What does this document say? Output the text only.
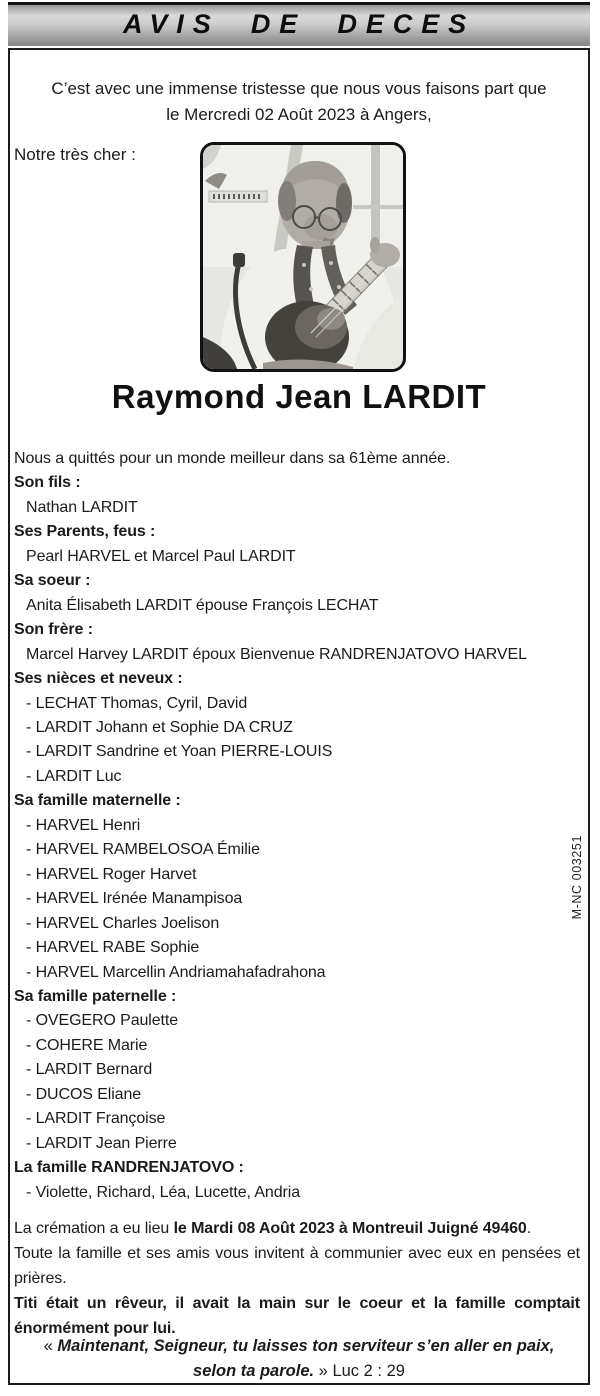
AVIS DE DECES

C’est avec une immense tristesse que nous vous faisons part que
le Mercredi 02 Août 2023 à Angers,

Notre très cher :
Raymond Jean LARDIT
Nous a quittés pour un monde meilleur dans sa 61ème année.
Son fils :
Nathan LARDIT
Ses Parents, feus :
Pearl HARVEL et Marcel Paul LARDIT
Sa soeur :
Anita Élisabeth LARDIT épouse François LECHAT
Son frère :
Marcel Harvey LARDIT époux Bienvenue RANDRENJATOVO HARVEL
Ses nièces et neveux :
- LECHAT Thomas, Cyril, David
- LARDIT Johann et Sophie DA CRUZ
- LARDIT Sandrine et Yoan PIERRE-LOUIS
- LARDIT Luc
Sa famille maternelle :
- HARVEL Henri
- HARVEL RAMBELOSOA Émilie
- HARVEL Roger Harvet
- HARVEL Irénée Manampisoa
- HARVEL Charles Joelison
- HARVEL RABE Sophie
- HARVEL Marcellin Andriamahafadrahona
Sa famille paternelle :
- OVEGERO Paulette
- COHERE Marie
- LARDIT Bernard
- DUCOS Eliane
- LARDIT Françoise
- LARDIT Jean Pierre
La famille RANDRENJATOVO :
- Violette, Richard, Léa, Lucette, Andria

La crémation a eu lieu le Mardi 08 Août 2023 à Montreuil Juigné 49460.

Toute la famille et ses amis vous invitent à communier avec eux en pensées et prières.

Titi était un rêveur, il avait la main sur le coeur et la famille comptait énormément pour lui.

« Maintenant, Seigneur, tu laisses ton serviteur s’en aller en paix, selon ta parole. » Luc 2 : 29

M-NC 003251
